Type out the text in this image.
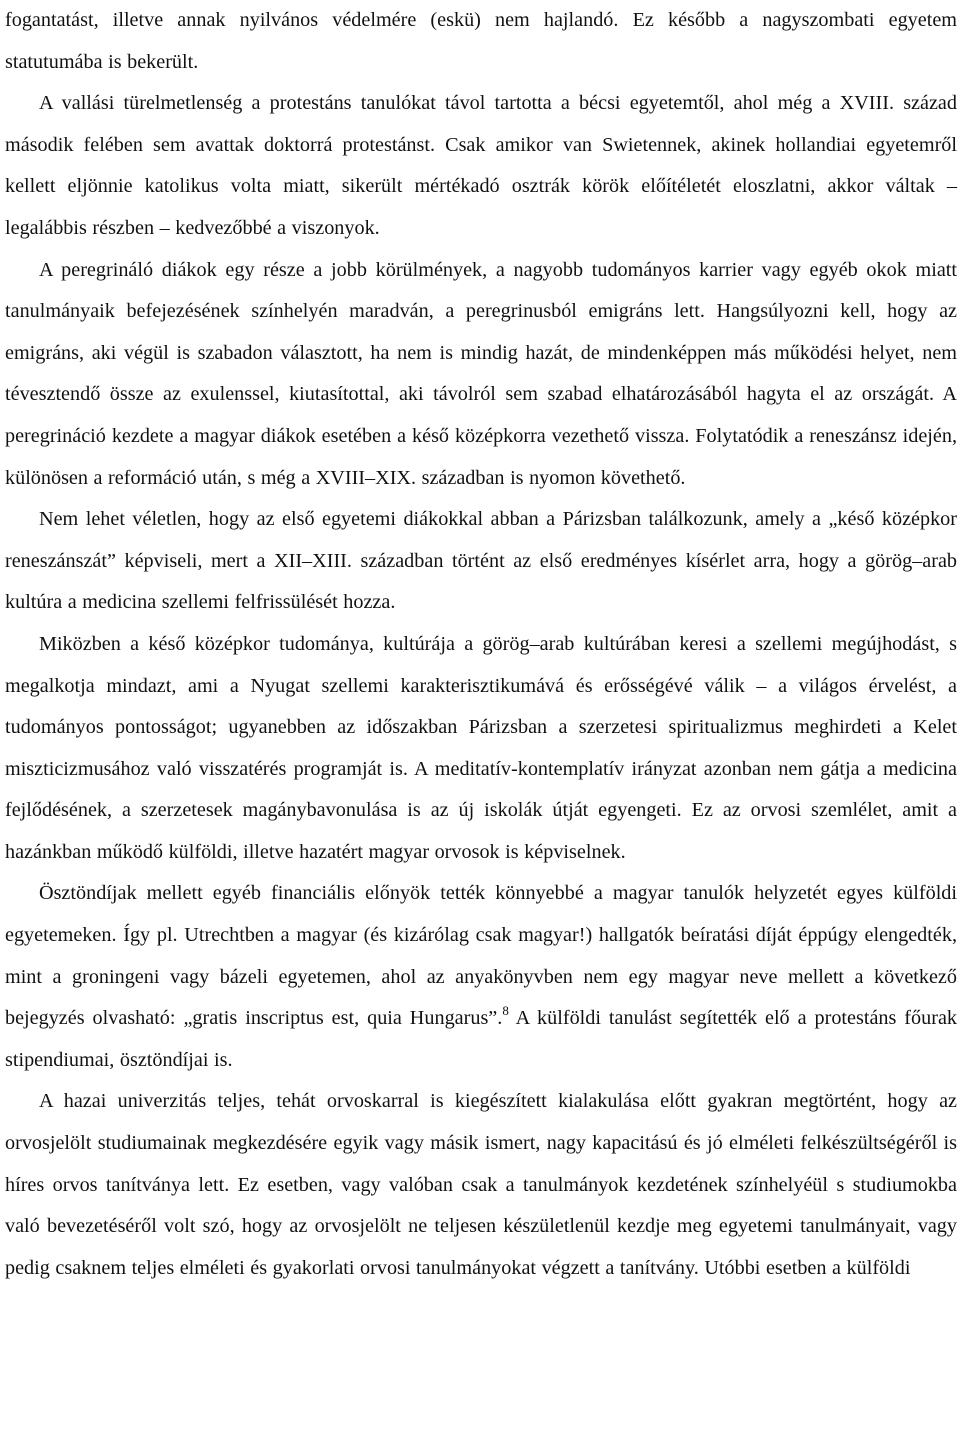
fogantatást, illetve annak nyilvános védelmére (eskü) nem hajlandó. Ez később a nagyszombati egyetem statutumába is bekerült.

A vallási türelmetlenség a protestáns tanulókat távol tartotta a bécsi egyetemtől, ahol még a XVIII. század második felében sem avattak doktorrá protestánst. Csak amikor van Swietennek, akinek hollandiai egyetemről kellett eljönnie katolikus volta miatt, sikerült mértékadó osztrák körök előítéletét eloszlatni, akkor váltak – legalábbis részben – kedvezőbbé a viszonyok.

A peregrináló diákok egy része a jobb körülmények, a nagyobb tudományos karrier vagy egyéb okok miatt tanulmányaik befejezésének színhelyén maradván, a peregrinusból emigráns lett. Hangsúlyozni kell, hogy az emigráns, aki végül is szabadon választott, ha nem is mindig hazát, de mindenképpen más működési helyet, nem tévesztendő össze az exulenssel, kiutasítottal, aki távolról sem szabad elhatározásából hagyta el az országát. A peregrináció kezdete a magyar diákok esetében a késő középkorra vezethető vissza. Folytatódik a reneszánsz idején, különösen a reformáció után, s még a XVIII–XIX. században is nyomon követhető.

Nem lehet véletlen, hogy az első egyetemi diákokkal abban a Párizsban találkozunk, amely a „késő középkor reneszánszát” képviseli, mert a XII–XIII. században történt az első eredményes kísérlet arra, hogy a görög–arab kultúra a medicina szellemi felfrissülését hozza.

Miközben a késő középkor tudománya, kultúrája a görög–arab kultúrában keresi a szellemi megújhodást, s megalkotja mindazt, ami a Nyugat szellemi karakterisztikumává és erősségévé válik – a világos érvelést, a tudományos pontosságot; ugyanebben az időszakban Párizsban a szerzetesi spiritualizmus meghirdeti a Kelet miszticizmusához való visszatérés programját is. A meditatív-kontemplatív irányzat azonban nem gátja a medicina fejlődésének, a szerzetesek magánybavonulása is az új iskolák útját egyengeti. Ez az orvosi szemlélet, amit a hazánkban működő külföldi, illetve hazatért magyar orvosok is képviselnek.

Ösztöndíjak mellett egyéb financiális előnyök tették könnyebbé a magyar tanulók helyzetét egyes külföldi egyetemeken. Így pl. Utrechtben a magyar (és kizárólag csak magyar!) hallgatók beíratási díját éppúgy elengedték, mint a groningeni vagy bázeli egyetemen, ahol az anyakönyvben nem egy magyar neve mellett a következő bejegyzés olvasható: „gratis inscriptus est, quia Hungarus”.$^8$ A külföldi tanulást segítették elő a protestáns főurak stipendiumai, ösztöndíjai is.

A hazai univerzitás teljes, tehát orvoskarral is kiegészített kialakulása előtt gyakran megtörtént, hogy az orvosjelölt studiumainak megkezdésére egyik vagy másik ismert, nagy kapacitású és jó elméleti felkészültségéről is híres orvos tanítványa lett. Ez esetben, vagy valóban csak a tanulmányok kezdetének színhelyéül s studiumokba való bevezetéséről volt szó, hogy az orvosjelölt ne teljesen készületlenül kezdje meg egyetemi tanulmányait, vagy pedig csaknem teljes elméleti és gyakorlati orvosi tanulmányokat végzett a tanítvány. Utóbbi esetben a külföldi
